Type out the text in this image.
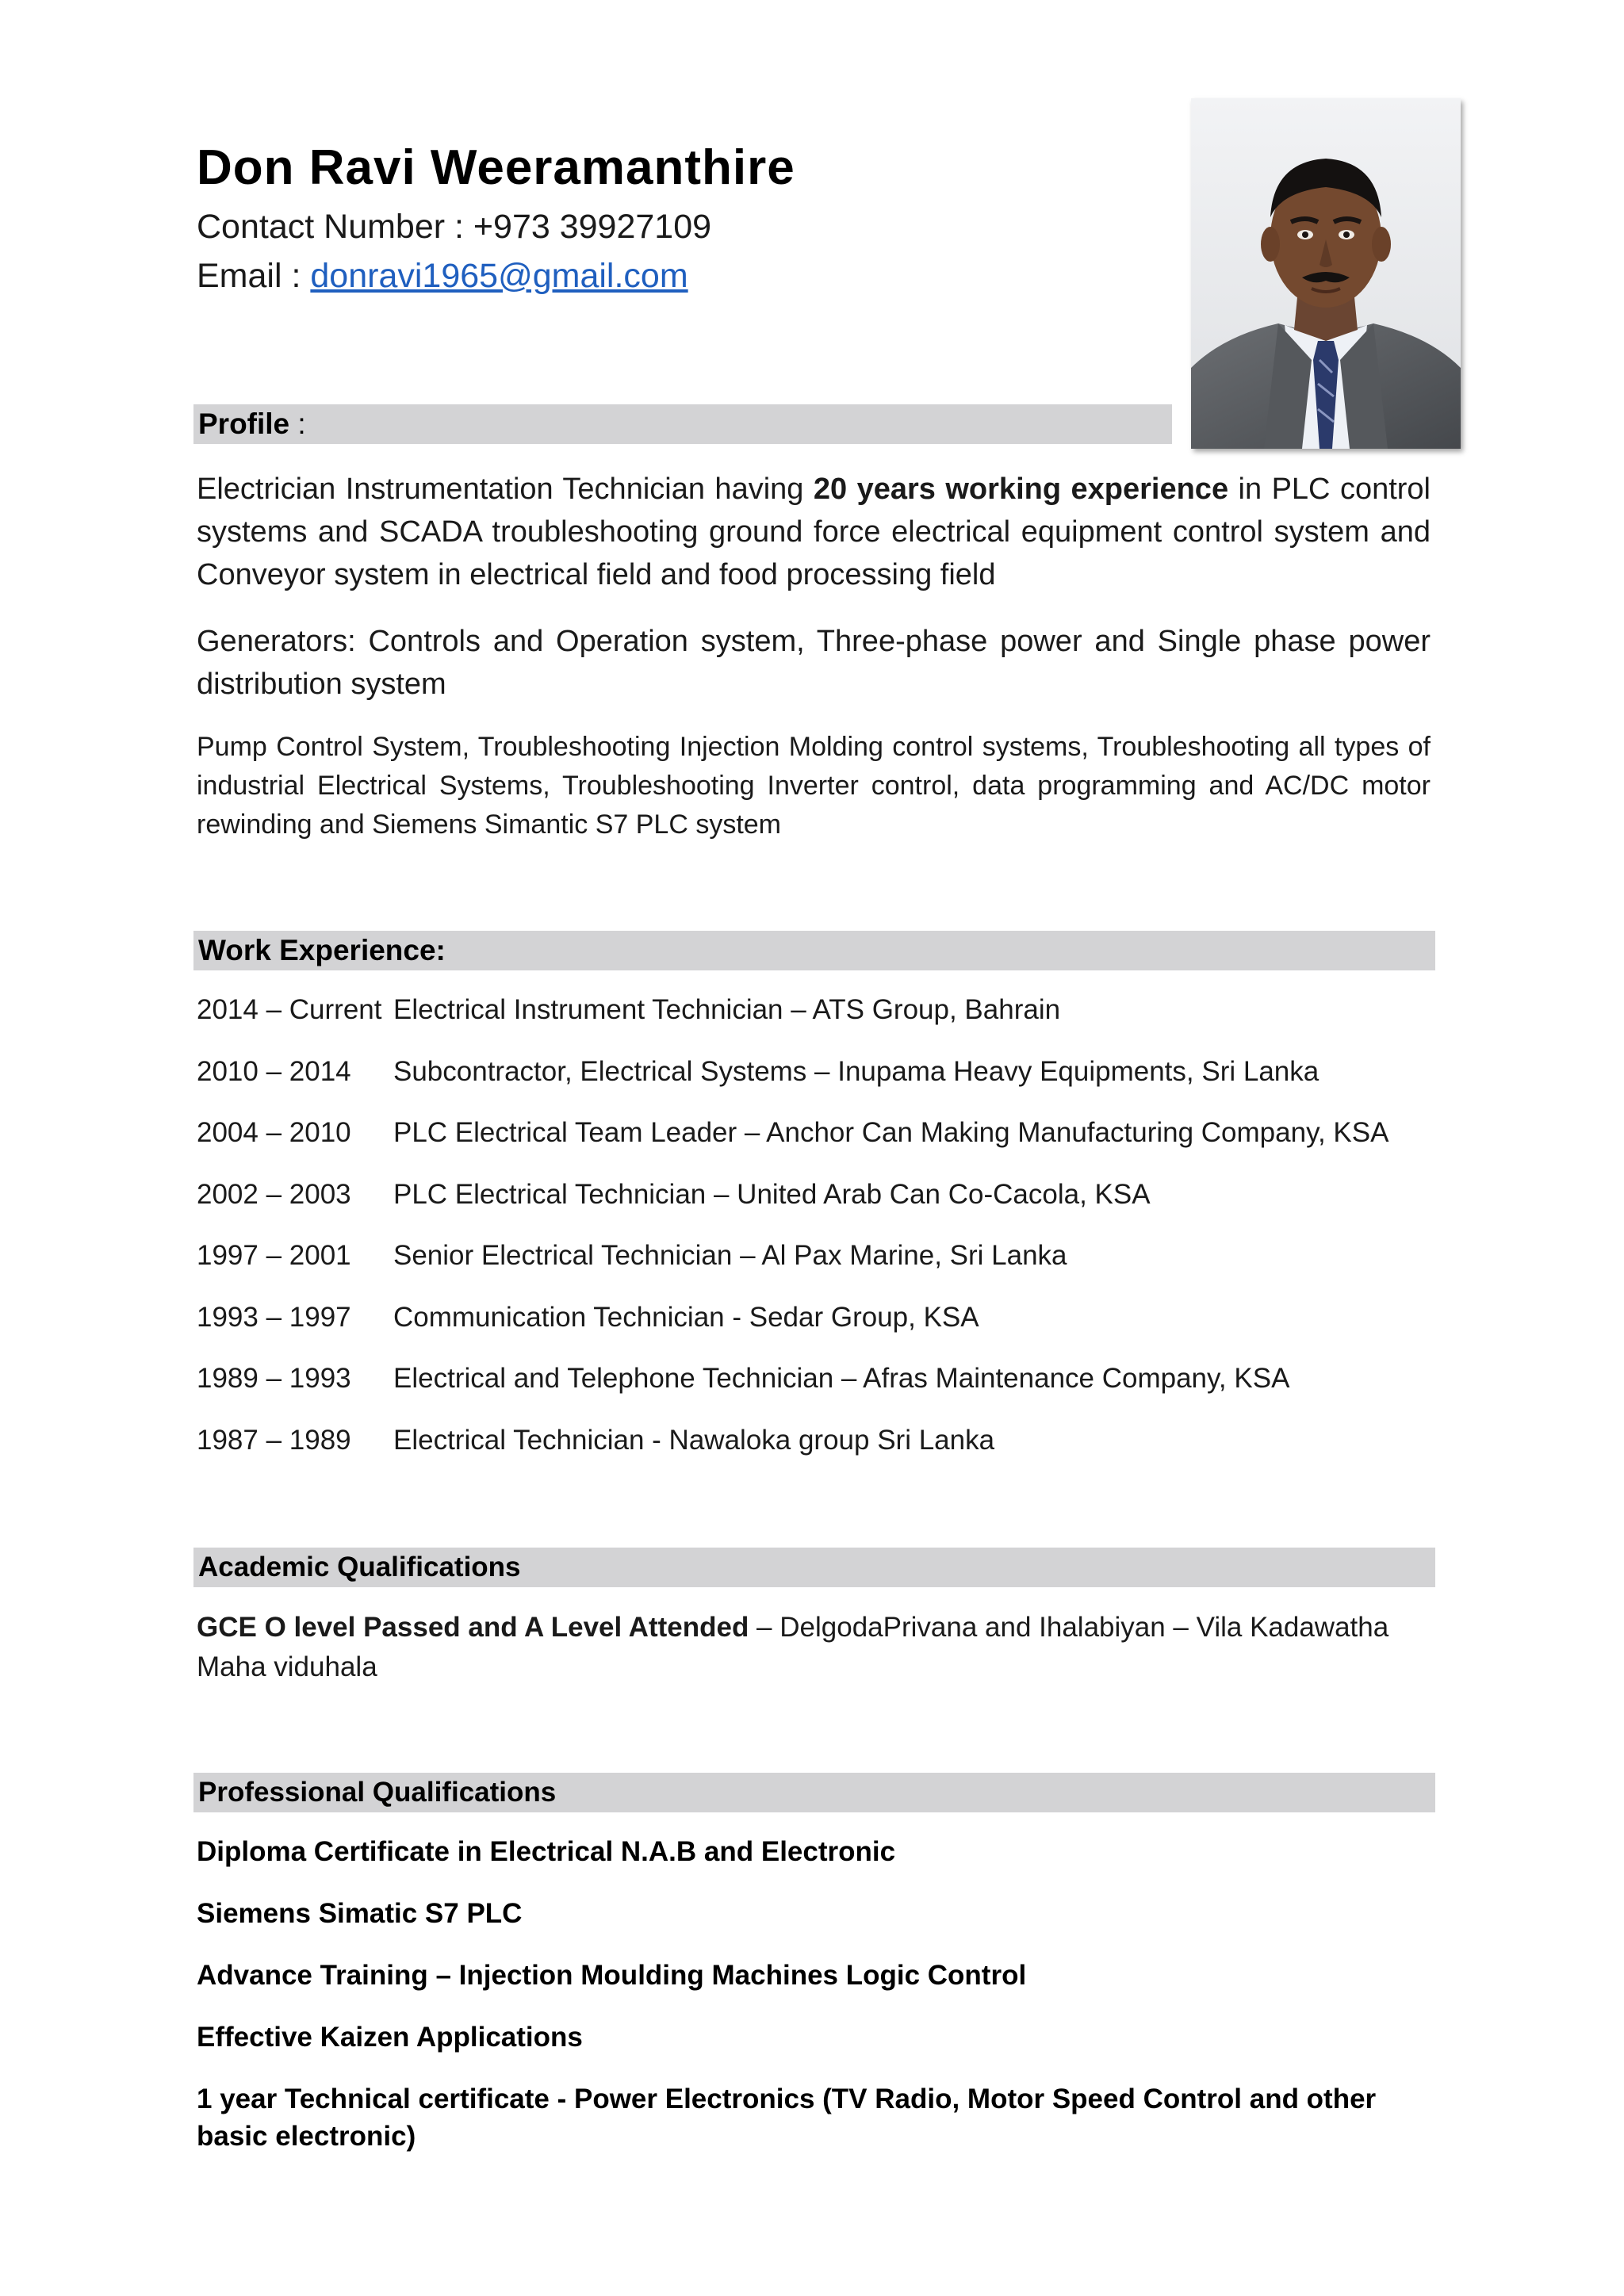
Don Ravi Weeramanthire
Contact Number : +973 39927109
Email : donravi1965@gmail.com
Profile :
Electrician Instrumentation Technician having 20 years working experience in PLC control systems and SCADA troubleshooting ground force electrical equipment control system and Conveyor system in electrical field and food processing field
Generators: Controls and Operation system, Three-phase power and Single phase power distribution system
Pump Control System, Troubleshooting Injection Molding control systems, Troubleshooting all types of industrial Electrical Systems, Troubleshooting Inverter control, data programming and AC/DC motor rewinding and Siemens Simantic S7 PLC system
Work Experience:
2014 – Current Electrical Instrument Technician – ATS Group, Bahrain
2010 – 2014 Subcontractor, Electrical Systems – Inupama Heavy Equipments, Sri Lanka
2004 – 2010 PLC Electrical Team Leader – Anchor Can Making Manufacturing Company, KSA
2002 – 2003 PLC Electrical Technician – United Arab Can Co-Cacola, KSA
1997 – 2001 Senior Electrical Technician – Al Pax Marine, Sri Lanka
1993 – 1997 Communication Technician - Sedar Group, KSA
1989 – 1993 Electrical and Telephone Technician – Afras Maintenance Company, KSA
1987 – 1989 Electrical Technician - Nawaloka group Sri Lanka
Academic Qualifications
GCE O level Passed and A Level Attended – DelgodaPrivana and Ihalabiyan – Vila Kadawatha Maha viduhala
Professional Qualifications
Diploma Certificate in Electrical N.A.B and Electronic
Siemens Simatic S7 PLC
Advance Training – Injection Moulding Machines Logic Control
Effective Kaizen Applications
1 year Technical certificate - Power Electronics (TV Radio, Motor Speed Control and other basic electronic)
